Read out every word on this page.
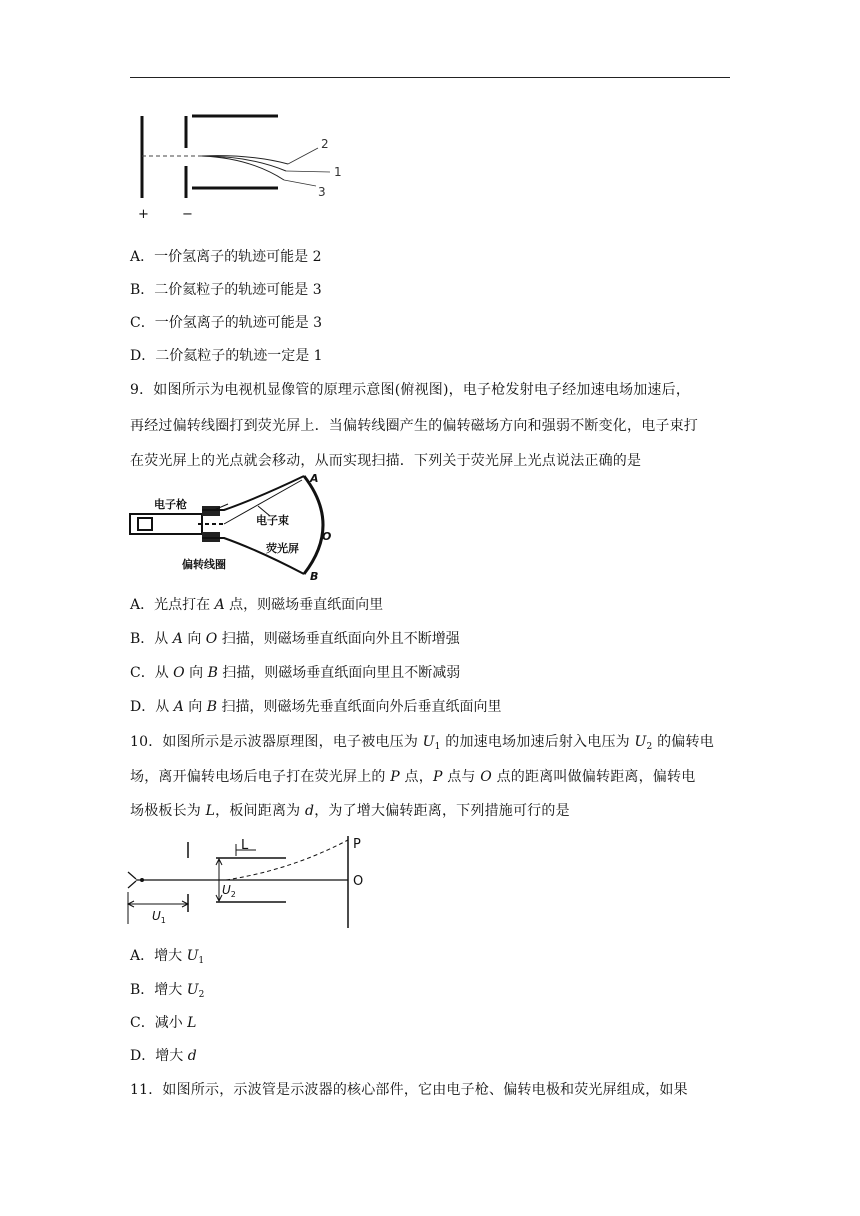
2
1
3
+	−
A．一价氢离子的轨迹可能是 2
B．二价氦粒子的轨迹可能是 3
C．一价氢离子的轨迹可能是 3
D．二价氦粒子的轨迹一定是 1
9．如图所示为电视机显像管的原理示意图(俯视图)，电子枪发射电子经加速电场加速后，
再经过偏转线圈打到荧光屏上．当偏转线圈产生的偏转磁场方向和强弱不断变化，电子束打
在荧光屏上的光点就会移动，从而实现扫描．下列关于荧光屏上光点说法正确的是
电子枪
电子束
荧光屏
偏转线圈
A
O
B
A．光点打在 A 点，则磁场垂直纸面向里
B．从 A 向 O 扫描，则磁场垂直纸面向外且不断增强
C．从 O 向 B 扫描，则磁场垂直纸面向里且不断减弱
D．从 A 向 B 扫描，则磁场先垂直纸面向外后垂直纸面向里
10．如图所示是示波器原理图，电子被电压为 $U_1$ 的加速电场加速后射入电压为 $U_2$ 的偏转电
场，离开偏转电场后电子打在荧光屏上的 P 点，P 点与 O 点的距离叫做偏转距离，偏转电
场极板长为 L，板间距离为 d，为了增大偏转距离，下列措施可行的是
L	P
O
$U_2$
$U_1$
A．增大 $U_1$
B．增大 $U_2$
C．减小 L
D．增大 d
11．如图所示，示波管是示波器的核心部件，它由电子枪、偏转电极和荧光屏组成，如果
